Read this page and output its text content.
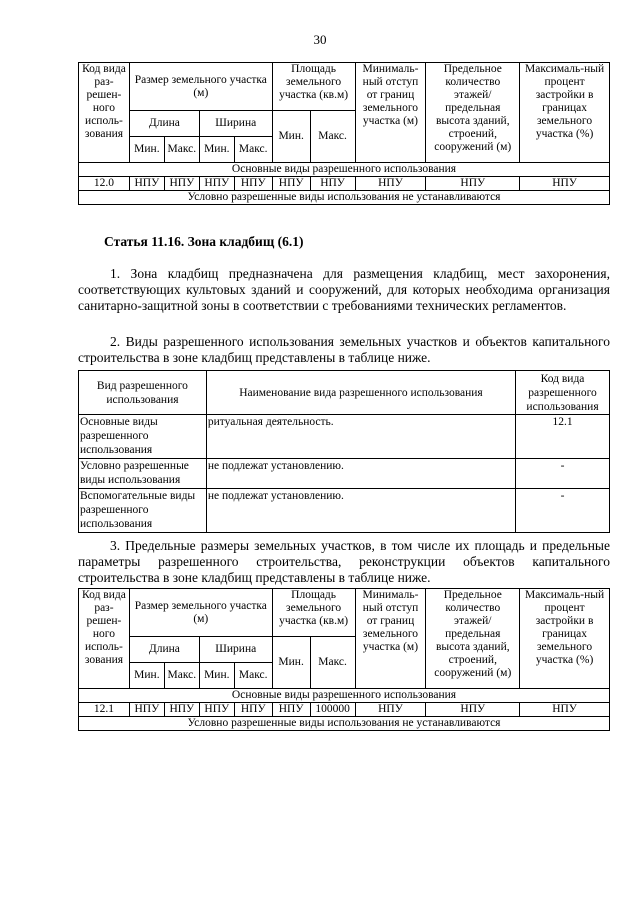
30
Код вида раз-решен-ного исполь-зования	Размер земельного участка (м)				Площадь земельного участка (кв.м)		Минималь-ный отступ от границ земельного участка (м)	Предельное количество этажей/ предельная высота зданий, строений, сооружений (м)	Максималь-ный процент застройки в границах земельного участка (%)
	Длина		Ширина		Мин.	Макс.			
	Мин.	Макс.	Мин.	Макс.					
Основные виды разрешенного использования									
12.0	НПУ	НПУ	НПУ	НПУ	НПУ	НПУ	НПУ	НПУ	НПУ
Условно разрешенные виды использования не устанавливаются									
Статья 11.16. Зона кладбищ (6.1)
1. Зона кладбищ предназначена для размещения кладбищ, мест захоронения, соответствующих культовых зданий и сооружений, для которых необходима организация санитарно-защитной зоны в соответствии с требованиями технических регламентов.
2. Виды разрешенного использования земельных участков и объектов капитального строительства в зоне кладбищ представлены в таблице ниже.
Вид разрешенного использования	Наименование вида разрешенного использования	Код вида разрешенного использования
Основные виды разрешенного использования	ритуальная деятельность.	12.1
Условно разрешенные виды использования	не подлежат установлению.	-
Вспомогательные виды разрешенного использования	не подлежат установлению.	-
3. Предельные размеры земельных участков, в том числе их площадь и предельные параметры разрешенного строительства, реконструкции объектов капитального строительства в зоне кладбищ представлены в таблице ниже.
Код вида раз-решен-ного исполь-зования	Размер земельного участка (м)				Площадь земельного участка (кв.м)		Минималь-ный отступ от границ земельного участка (м)	Предельное количество этажей/ предельная высота зданий, строений, сооружений (м)	Максималь-ный процент застройки в границах земельного участка (%)
	Длина		Ширина		Мин.	Макс.			
	Мин.	Макс.	Мин.	Макс.					
Основные виды разрешенного использования									
12.1	НПУ	НПУ	НПУ	НПУ	НПУ	100000	НПУ	НПУ	НПУ
Условно разрешенные виды использования не устанавливаются									
